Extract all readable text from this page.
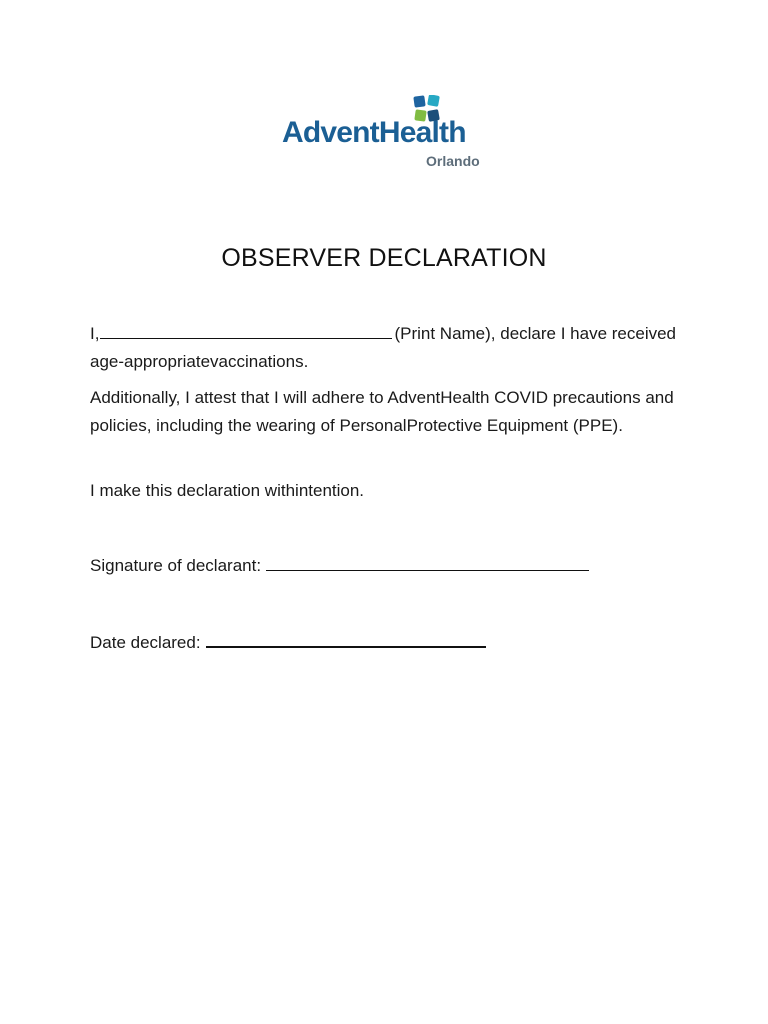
AdventHealth
Orlando
OBSERVER DECLARATION
I,	(Print Name), declare I have received age-appropriatevaccinations.
Additionally, I attest that I will adhere to AdventHealth COVID precautions and policies, including the wearing of PersonalProtective Equipment (PPE).
I make this declaration withintention.
Signature of declarant:
Date declared:
